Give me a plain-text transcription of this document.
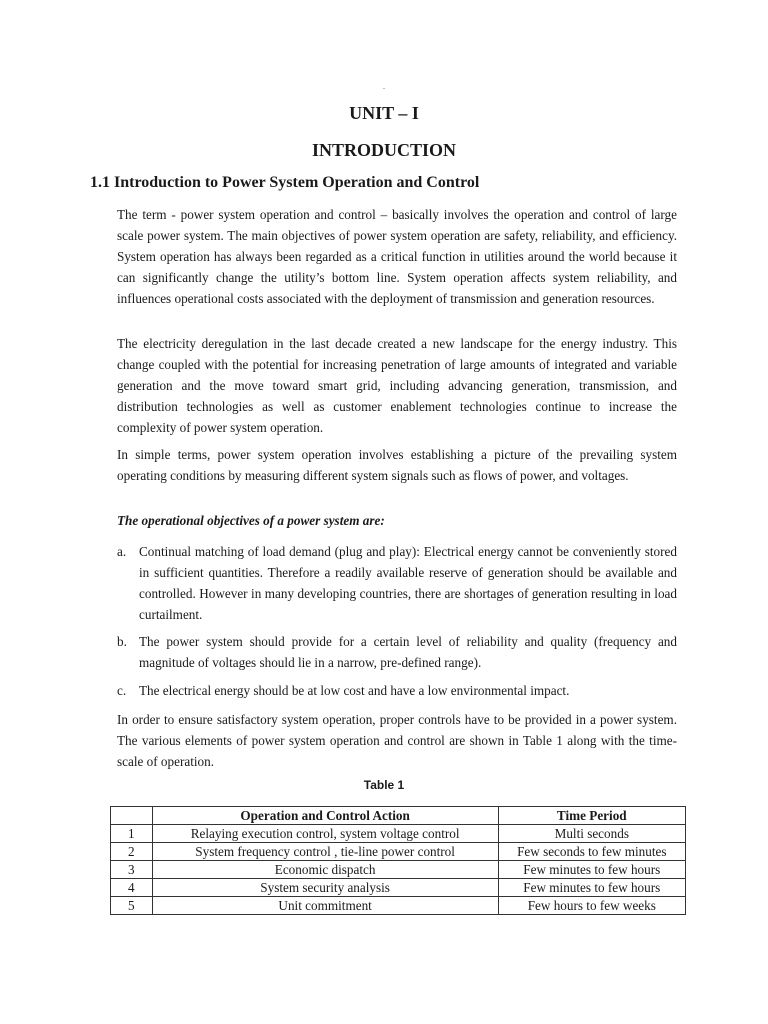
UNIT – I
INTRODUCTION
1.1 Introduction to Power System Operation and Control

The term - power system operation and control – basically involves the operation and control of large scale power system. The main objectives of power system operation are safety, reliability, and efficiency. System operation has always been regarded as a critical function in utilities around the world because it can significantly change the utility’s bottom line. System operation affects system reliability, and influences operational costs associated with the deployment of transmission and generation resources.

The electricity deregulation in the last decade created a new landscape for the energy industry. This change coupled with the potential for increasing penetration of large amounts of integrated and variable generation and the move toward smart grid, including advancing generation, transmission, and distribution technologies as well as customer enablement technologies continue to increase the complexity of power system operation.

In simple terms, power system operation involves establishing a picture of the prevailing system operating conditions by measuring different system signals such as flows of power, and voltages.

The operational objectives of a power system are:

a. Continual matching of load demand (plug and play): Electrical energy cannot be conveniently stored in sufficient quantities. Therefore a readily available reserve of generation should be available and controlled. However in many developing countries, there are shortages of generation resulting in load curtailment.
b. The power system should provide for a certain level of reliability and quality (frequency and magnitude of voltages should lie in a narrow, pre-defined range).
c. The electrical energy should be at low cost and have a low environmental impact.

In order to ensure satisfactory system operation, proper controls have to be provided in a power system. The various elements of power system operation and control are shown in Table 1 along with the time-scale of operation.

Table 1

	Operation and Control Action	Time Period
1	Relaying execution control, system voltage control	Multi seconds
2	System frequency control , tie-line power control	Few seconds to few minutes
3	Economic dispatch	Few minutes to few hours
4	System security analysis	Few minutes to few hours
5	Unit commitment	Few hours to few weeks
